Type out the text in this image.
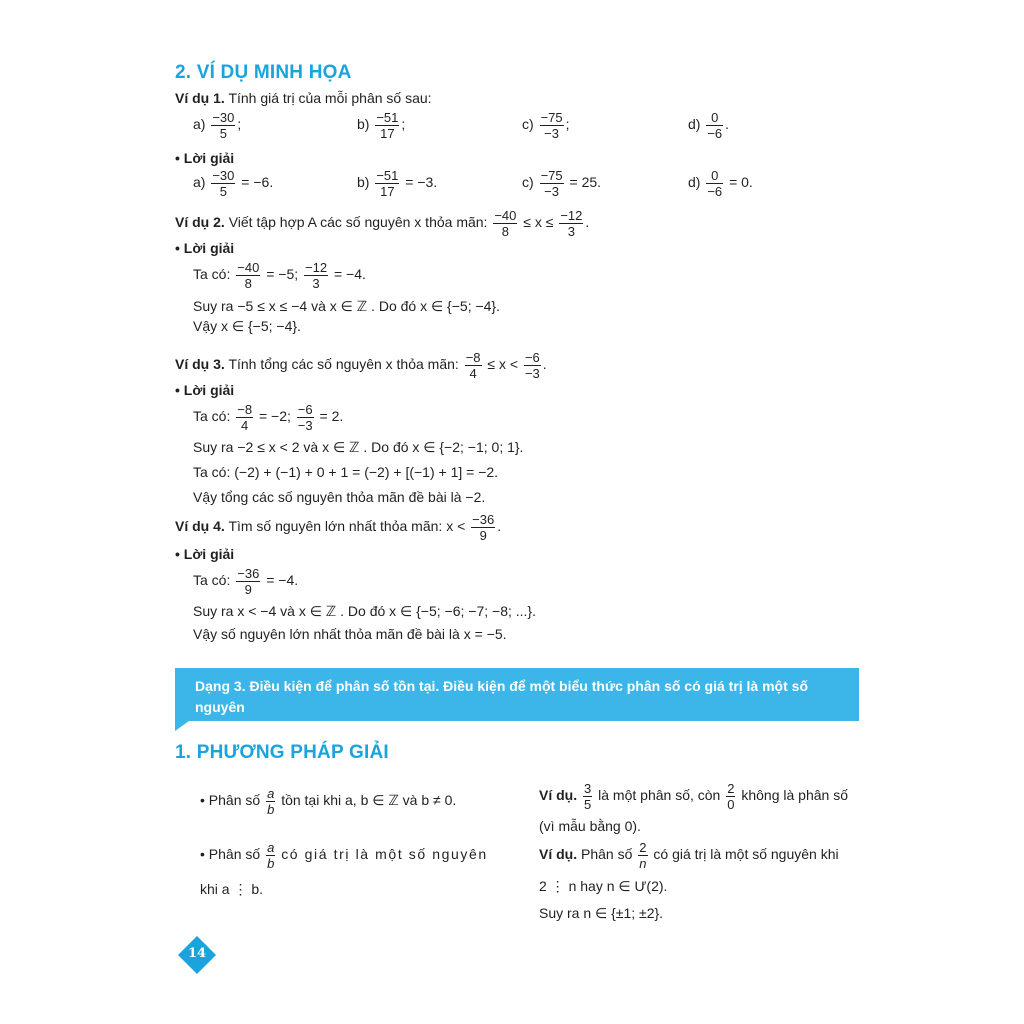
2. VÍ DỤ MINH HỌA
Ví dụ 1. Tính giá trị của mỗi phân số sau:
$a) \frac{-30}{5}$ ;	$b) \frac{-51}{17}$ ;	$c) \frac{-75}{-3}$ ;	$d) \frac{0}{-6}$ .
• Lời giải
$a) \frac{-30}{5} = -6$.	$b) \frac{-51}{17} = -3$.	$c) \frac{-75}{-3} = 25$.	$d) \frac{0}{-6} = 0$.
Ví dụ 2. Viết tập hợp A các số nguyên x thỏa mãn: $\frac{-40}{8} \le x \le \frac{-12}{3}$ .
• Lời giải
Ta có: $\frac{-40}{8} = -5$; $\frac{-12}{3} = -4$.
Suy ra −5 ≤ x ≤ −4 và x ∈ ℤ . Do đó x ∈ {−5; −4}.
Vậy x ∈ {−5; −4}.
Ví dụ 3. Tính tổng các số nguyên x thỏa mãn: $\frac{-8}{4} \le x < \frac{-6}{-3}$ .
• Lời giải
Ta có: $\frac{-8}{4} = -2$; $\frac{-6}{-3} = 2$.
Suy ra −2 ≤ x < 2 và x ∈ ℤ . Do đó x ∈ {−2; −1; 0; 1}.
Ta có: (−2) + (−1) + 0 + 1 = (−2) + [(−1) + 1] = −2.
Vậy tổng các số nguyên thỏa mãn đề bài là −2.
Ví dụ 4. Tìm số nguyên lớn nhất thỏa mãn: $x < \frac{-36}{9}$ .
• Lời giải
Ta có: $\frac{-36}{9} = -4$.
Suy ra x < −4 và x ∈ ℤ . Do đó x ∈ {−5; −6; −7; −8; ...}.
Vậy số nguyên lớn nhất thỏa mãn đề bài là x = −5.
Dạng 3. Điều kiện để phân số tồn tại. Điều kiện để một biểu thức phân số có giá trị là một số nguyên
1. PHƯƠNG PHÁP GIẢI
• Phân số $\frac{a}{b}$ tồn tại khi a, b ∈ ℤ và b ≠ 0.
• Phân số $\frac{a}{b}$ có giá trị là một số nguyên
khi a ⋮ b.
Ví dụ. $\frac{3}{5}$ là một phân số, còn $\frac{2}{0}$ không là phân số
(vì mẫu bằng 0).
Ví dụ. Phân số $\frac{2}{n}$ có giá trị là một số nguyên khi
2 ⋮ n hay n ∈ Ư(2).
Suy ra n ∈ {±1; ±2}.
14
